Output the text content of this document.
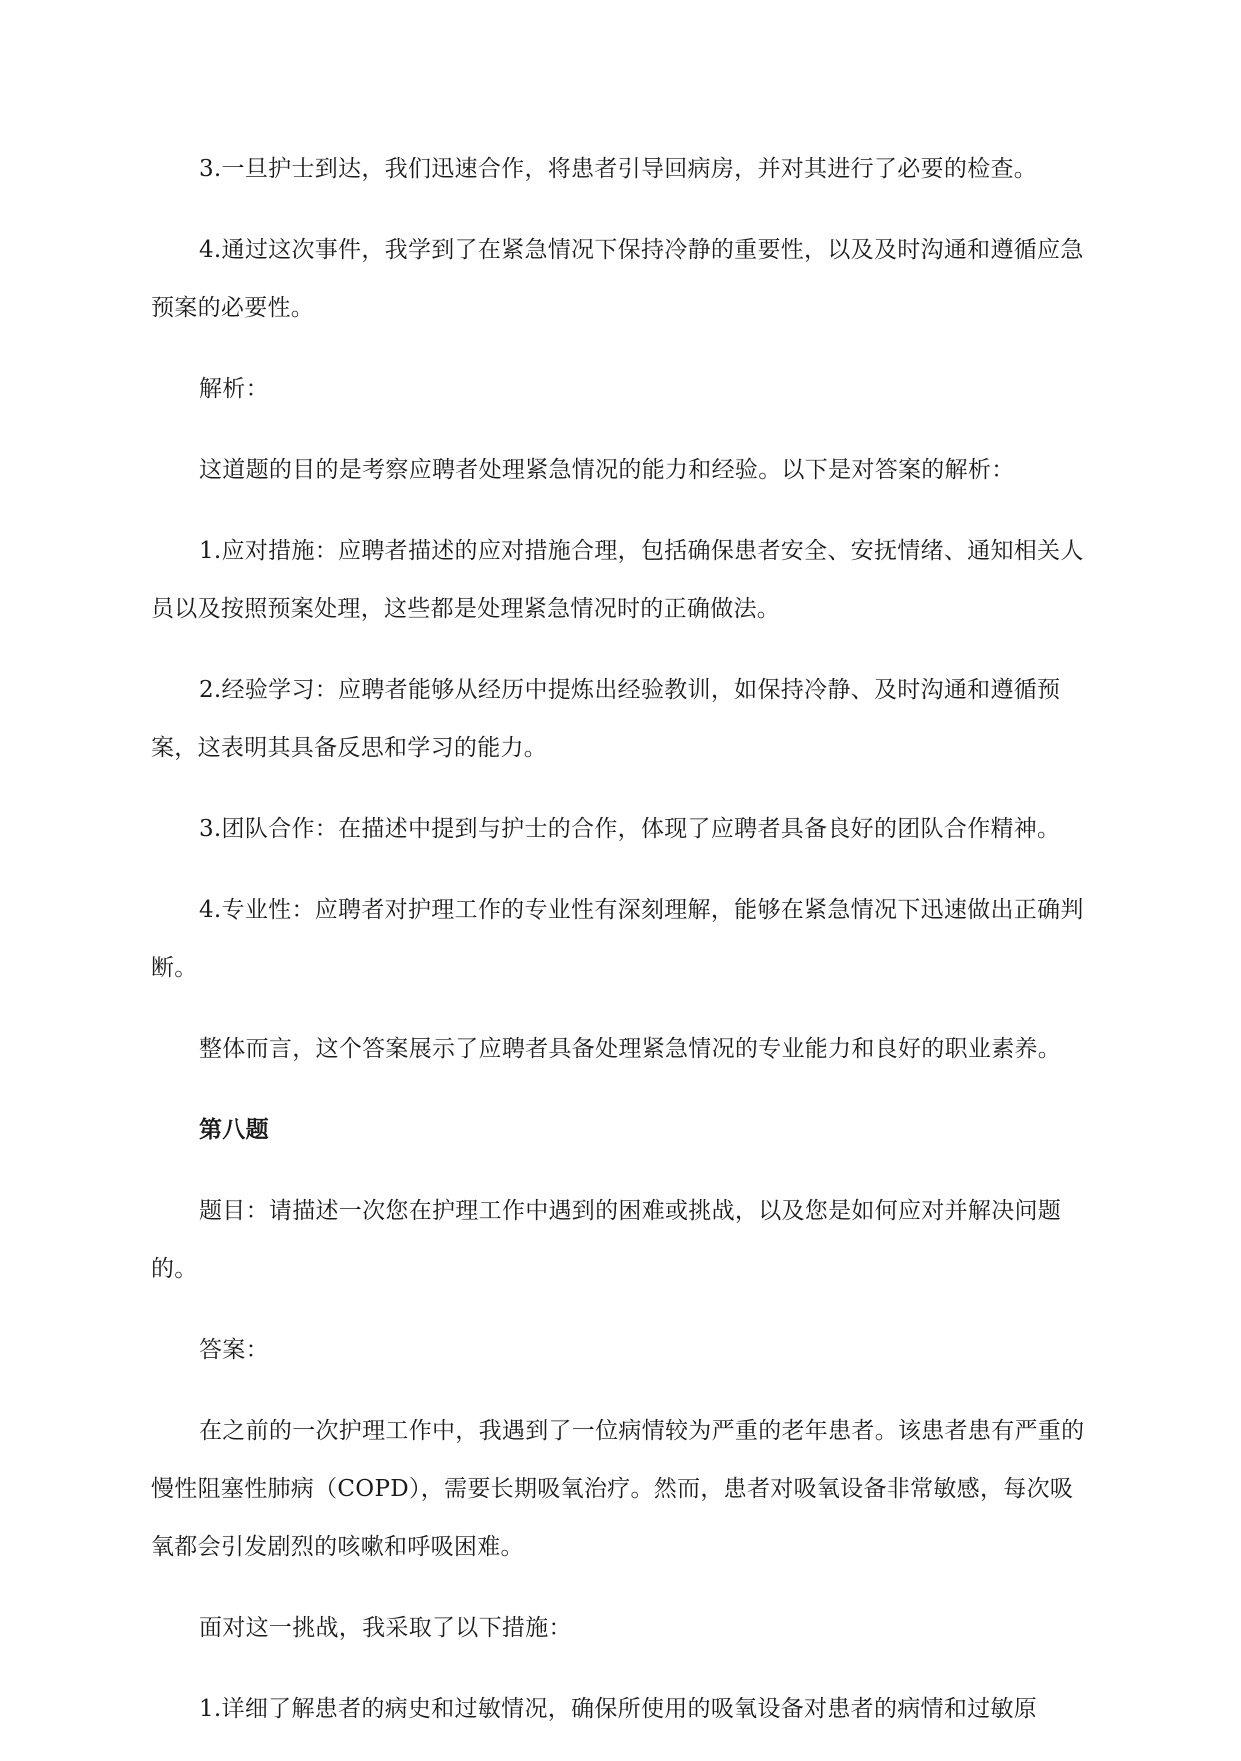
3.一旦护士到达，我们迅速合作，将患者引导回病房，并对其进行了必要的检查。

4.通过这次事件，我学到了在紧急情况下保持冷静的重要性，以及及时沟通和遵循应急预案的必要性。

解析：

这道题的目的是考察应聘者处理紧急情况的能力和经验。以下是对答案的解析：

1.应对措施：应聘者描述的应对措施合理，包括确保患者安全、安抚情绪、通知相关人员以及按照预案处理，这些都是处理紧急情况时的正确做法。

2.经验学习：应聘者能够从经历中提炼出经验教训，如保持冷静、及时沟通和遵循预案，这表明其具备反思和学习的能力。

3.团队合作：在描述中提到与护士的合作，体现了应聘者具备良好的团队合作精神。

4.专业性：应聘者对护理工作的专业性有深刻理解，能够在紧急情况下迅速做出正确判断。

整体而言，这个答案展示了应聘者具备处理紧急情况的专业能力和良好的职业素养。

第八题

题目：请描述一次您在护理工作中遇到的困难或挑战，以及您是如何应对并解决问题的。

答案：

在之前的一次护理工作中，我遇到了一位病情较为严重的老年患者。该患者患有严重的慢性阻塞性肺病（COPD），需要长期吸氧治疗。然而，患者对吸氧设备非常敏感，每次吸氧都会引发剧烈的咳嗽和呼吸困难。

面对这一挑战，我采取了以下措施：

1.详细了解患者的病史和过敏情况，确保所使用的吸氧设备对患者的病情和过敏原
